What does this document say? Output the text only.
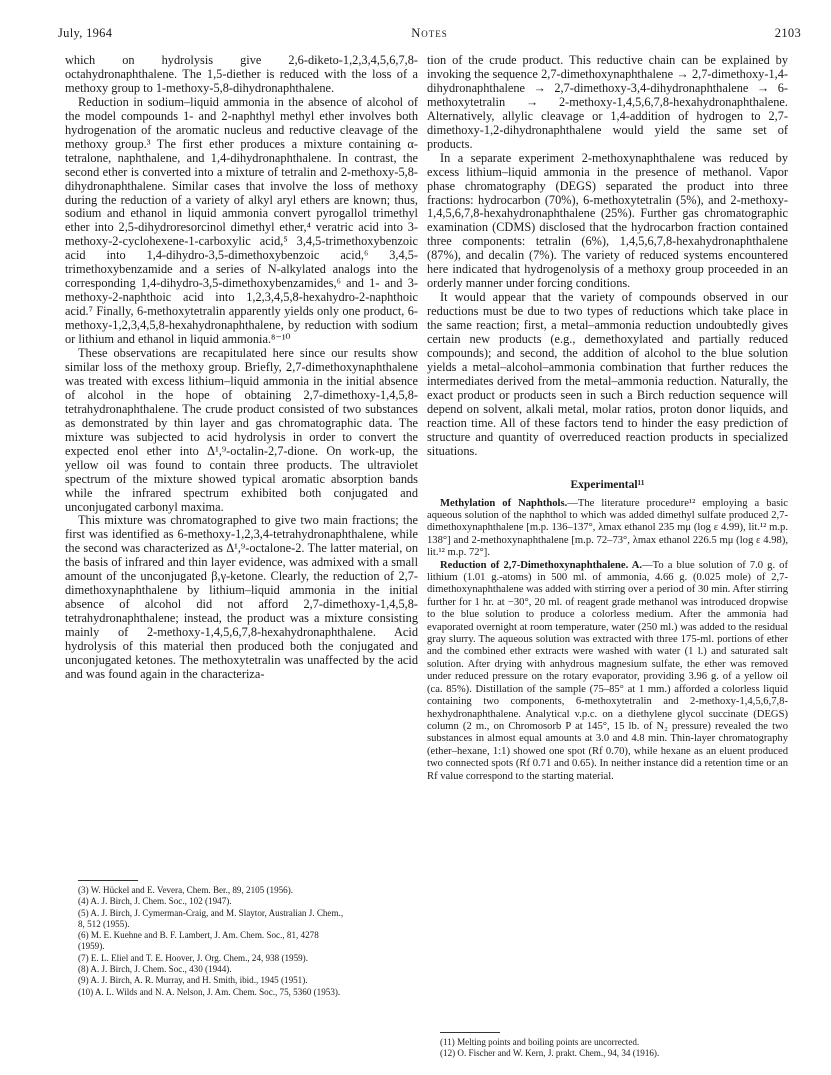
July, 1964	Notes	2103

which on hydrolysis give 2,6-diketo-1,2,3,4,5,6,7,8-octahydronaphthalene. The 1,5-diether is reduced with the loss of a methoxy group to 1-methoxy-5,8-dihydronaphthalene.

Reduction in sodium–liquid ammonia in the absence of alcohol of the model compounds 1- and 2-naphthyl methyl ether involves both hydrogenation of the aromatic nucleus and reductive cleavage of the methoxy group.³ The first ether produces a mixture containing α-tetralone, naphthalene, and 1,4-dihydronaphthalene. In contrast, the second ether is converted into a mixture of tetralin and 2-methoxy-5,8-dihydronaphthalene. Similar cases that involve the loss of methoxy during the reduction of a variety of alkyl aryl ethers are known; thus, sodium and ethanol in liquid ammonia convert pyrogallol trimethyl ether into 2,5-dihydroresorcinol dimethyl ether,⁴ veratric acid into 3-methoxy-2-cyclohexene-1-carboxylic acid,⁵ 3,4,5-trimethoxybenzoic acid into 1,4-dihydro-3,5-dimethoxybenzoic acid,⁶ 3,4,5-trimethoxybenzamide and a series of N-alkylated analogs into the corresponding 1,4-dihydro-3,5-dimethoxybenzamides,⁶ and 1- and 3-methoxy-2-naphthoic acid into 1,2,3,4,5,8-hexahydro-2-naphthoic acid.⁷ Finally, 6-methoxytetralin apparently yields only one product, 6-methoxy-1,2,3,4,5,8-hexahydronaphthalene, by reduction with sodium or lithium and ethanol in liquid ammonia.⁸⁻¹⁰

These observations are recapitulated here since our results show similar loss of the methoxy group. Briefly, 2,7-dimethoxynaphthalene was treated with excess lithium–liquid ammonia in the initial absence of alcohol in the hope of obtaining 2,7-dimethoxy-1,4,5,8-tetrahydronaphthalene. The crude product consisted of two substances as demonstrated by thin layer and gas chromatographic data. The mixture was subjected to acid hydrolysis in order to convert the expected enol ether into Δ¹,⁹-octalin-2,7-dione. On work-up, the yellow oil was found to contain three products. The ultraviolet spectrum of the mixture showed typical aromatic absorption bands while the infrared spectrum exhibited both conjugated and unconjugated carbonyl maxima.

This mixture was chromatographed to give two main fractions; the first was identified as 6-methoxy-1,2,3,4-tetrahydronaphthalene, while the second was characterized as Δ¹,⁹-octalone-2. The latter material, on the basis of infrared and thin layer evidence, was admixed with a small amount of the unconjugated β,γ-ketone. Clearly, the reduction of 2,7-dimethoxynaphthalene by lithium–liquid ammonia in the initial absence of alcohol did not afford 2,7-dimethoxy-1,4,5,8-tetrahydronaphthalene; instead, the product was a mixture consisting mainly of 2-methoxy-1,4,5,6,7,8-hexahydronaphthalene. Acid hydrolysis of this material then produced both the conjugated and unconjugated ketones. The methoxytetralin was unaffected by the acid and was found again in the characteriza-

tion of the crude product. This reductive chain can be explained by invoking the sequence 2,7-dimethoxynaphthalene → 2,7-dimethoxy-1,4-dihydronaphthalene → 2,7-dimethoxy-3,4-dihydronaphthalene → 6-methoxytetralin → 2-methoxy-1,4,5,6,7,8-hexahydronaphthalene. Alternatively, allylic cleavage or 1,4-addition of hydrogen to 2,7-dimethoxy-1,2-dihydronaphthalene would yield the same set of products.

In a separate experiment 2-methoxynaphthalene was reduced by excess lithium–liquid ammonia in the presence of methanol. Vapor phase chromatography (DEGS) separated the product into three fractions: hydrocarbon (70%), 6-methoxytetralin (5%), and 2-methoxy-1,4,5,6,7,8-hexahydronaphthalene (25%). Further gas chromatographic examination (CDMS) disclosed that the hydrocarbon fraction contained three components: tetralin (6%), 1,4,5,6,7,8-hexahydronaphthalene (87%), and decalin (7%). The variety of reduced systems encountered here indicated that hydrogenolysis of a methoxy group proceeded in an orderly manner under forcing conditions.

It would appear that the variety of compounds observed in our reductions must be due to two types of reductions which take place in the same reaction; first, a metal–ammonia reduction undoubtedly gives certain new products (e.g., demethoxylated and partially reduced compounds); and second, the addition of alcohol to the blue solution yields a metal–alcohol–ammonia combination that further reduces the intermediates derived from the metal–ammonia reduction. Naturally, the exact product or products seen in such a Birch reduction sequence will depend on solvent, alkali metal, molar ratios, proton donor liquids, and reaction time. All of these factors tend to hinder the easy prediction of structure and quantity of overreduced reaction products in specialized situations.

Experimental¹¹

Methylation of Naphthols.—The literature procedure¹² employing a basic aqueous solution of the naphthol to which was added dimethyl sulfate produced 2,7-dimethoxynaphthalene [m.p. 136–137°, λmax ethanol 235 mμ (log ε 4.99), lit.¹² m.p. 138°] and 2-methoxynaphthalene [m.p. 72–73°, λmax ethanol 226.5 mμ (log ε 4.98), lit.¹² m.p. 72°].

Reduction of 2,7-Dimethoxynaphthalene. A.—To a blue solution of 7.0 g. of lithium (1.01 g.-atoms) in 500 ml. of ammonia, 4.66 g. (0.025 mole) of 2,7-dimethoxynaphthalene was added with stirring over a period of 30 min. After stirring further for 1 hr. at −30°, 20 ml. of reagent grade methanol was introduced dropwise to the blue solution to produce a colorless medium. After the ammonia had evaporated overnight at room temperature, water (250 ml.) was added to the residual gray slurry. The aqueous solution was extracted with three 175-ml. portions of ether and the combined ether extracts were washed with water (1 l.) and saturated salt solution. After drying with anhydrous magnesium sulfate, the ether was removed under reduced pressure on the rotary evaporator, providing 3.96 g. of a yellow oil (ca. 85%). Distillation of the sample (75–85° at 1 mm.) afforded a colorless liquid containing two components, 6-methoxytetralin and 2-methoxy-1,4,5,6,7,8-hexhydronaphthalene. Analytical v.p.c. on a diethylene glycol succinate (DEGS) column (2 m., on Chromosorb P at 145°, 15 lb. of N₂ pressure) revealed the two substances in almost equal amounts at 3.0 and 4.8 min. Thin-layer chromatography (ether–hexane, 1:1) showed one spot (Rf 0.70), while hexane as an eluent produced two connected spots (Rf 0.71 and 0.65). In neither instance did a retention time or an Rf value correspond to the starting material.

(3) W. Hückel and E. Vevera, Chem. Ber., 89, 2105 (1956).
(4) A. J. Birch, J. Chem. Soc., 102 (1947).
(5) A. J. Birch, J. Cymerman-Craig, and M. Slaytor, Australian J. Chem.,
8, 512 (1955).
(6) M. E. Kuehne and B. F. Lambert, J. Am. Chem. Soc., 81, 4278
(1959).
(7) E. L. Eliel and T. E. Hoover, J. Org. Chem., 24, 938 (1959).
(8) A. J. Birch, J. Chem. Soc., 430 (1944).
(9) A. J. Birch, A. R. Murray, and H. Smith, ibid., 1945 (1951).
(10) A. L. Wilds and N. A. Nelson, J. Am. Chem. Soc., 75, 5360 (1953).
(11) Melting points and boiling points are uncorrected.
(12) O. Fischer and W. Kern, J. prakt. Chem., 94, 34 (1916).
